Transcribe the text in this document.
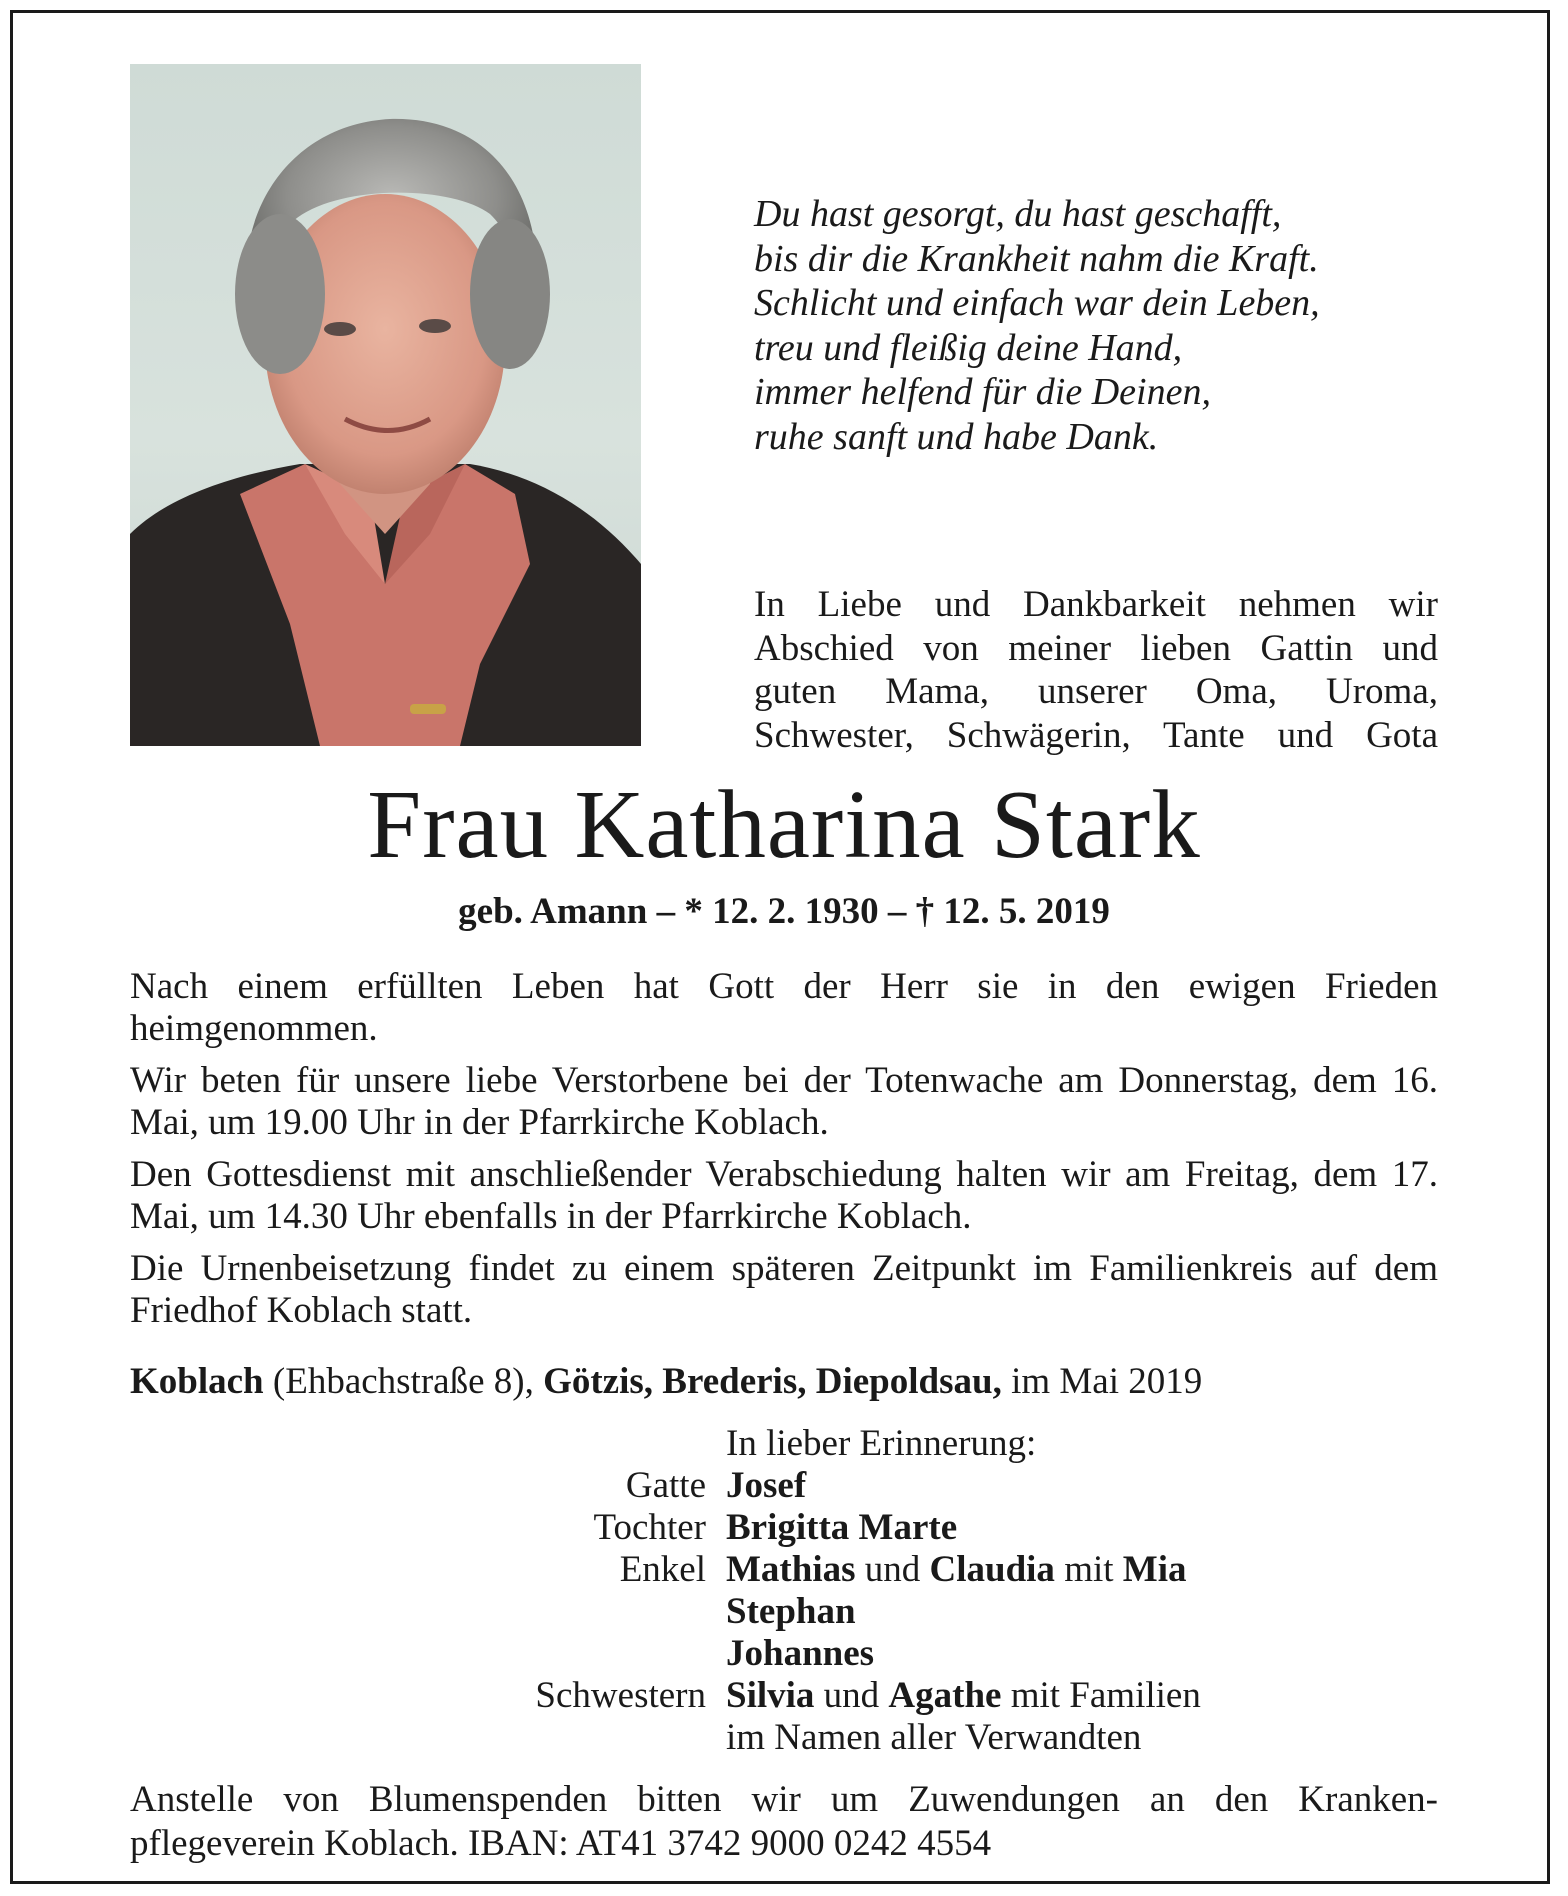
Du hast gesorgt, du hast geschafft,
bis dir die Krankheit nahm die Kraft.
Schlicht und einfach war dein Leben,
treu und fleißig deine Hand,
immer helfend für die Deinen,
ruhe sanft und habe Dank.
In Liebe und Dankbarkeit nehmen wir
Abschied von meiner lieben Gattin und
guten Mama, unserer Oma, Uroma,
Schwester, Schwägerin, Tante und Gota
Frau Katharina Stark
geb. Amann – * 12. 2. 1930 – † 12. 5. 2019

Nach einem erfüllten Leben hat Gott der Herr sie in den ewigen Frieden heimgenommen.

Wir beten für unsere liebe Verstorbene bei der Totenwache am Donnerstag, dem 16. Mai, um 19.00 Uhr in der Pfarrkirche Koblach.

Den Gottesdienst mit anschließender Verabschiedung halten wir am Freitag, dem 17. Mai, um 14.30 Uhr ebenfalls in der Pfarrkirche Koblach.

Die Urnenbeisetzung findet zu einem späteren Zeitpunkt im Familienkreis auf dem Friedhof Koblach statt.

Koblach (Ehbachstraße 8), Götzis, Brederis, Diepoldsau, im Mai 2019
In lieber Erinnerung:
Gatte Josef
Tochter Brigitta Marte
Enkel Mathias und Claudia mit Mia
Stephan
Johannes
Schwestern Silvia und Agathe mit Familien
im Namen aller Verwandten
Anstelle von Blumenspenden bitten wir um Zuwendungen an den Kranken-
pflegeverein Koblach. IBAN: AT41 3742 9000 0242 4554
